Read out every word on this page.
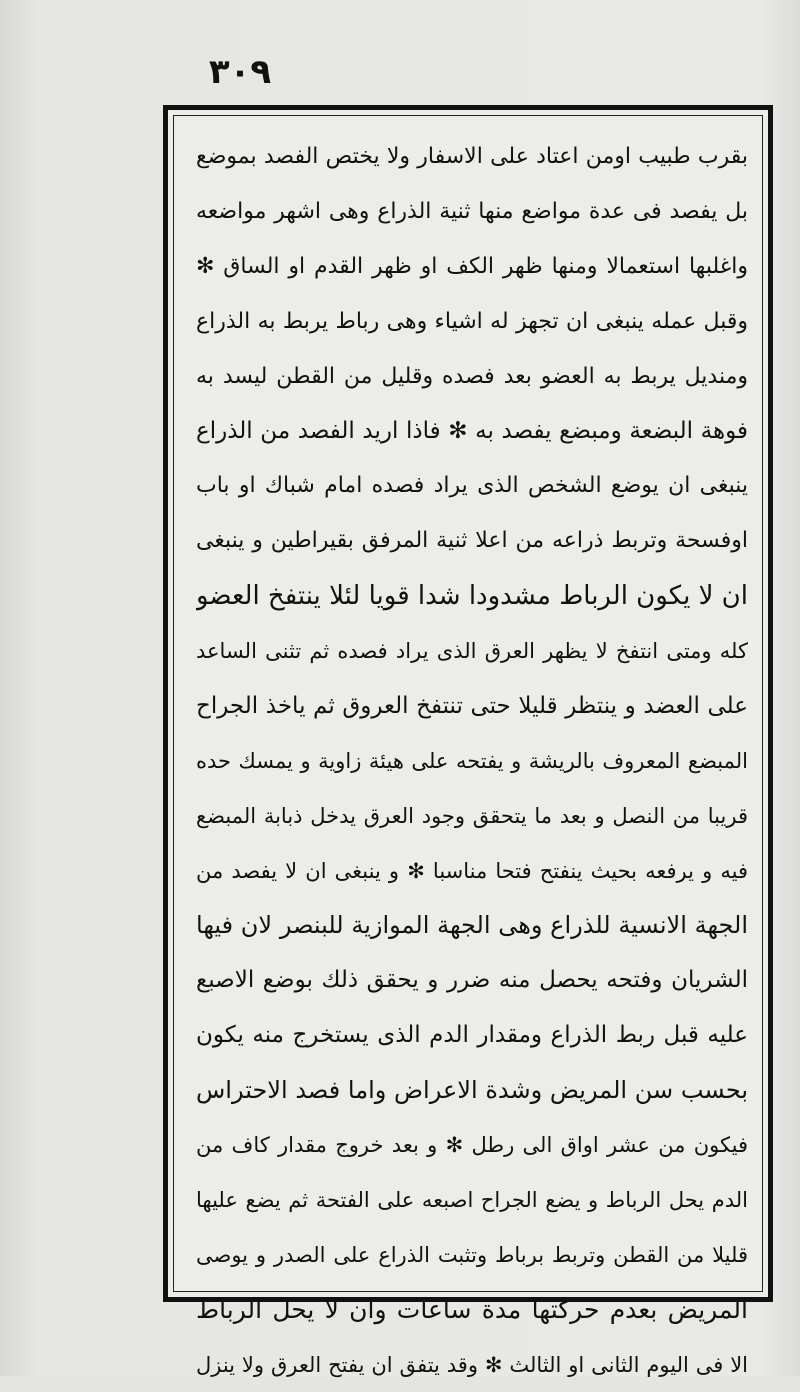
٣٠٩
بقرب طبيب اومن اعتاد على الاسفار ولا يختص الفصد بموضع
بل يفصد فى عدة مواضع منها ثنية الذراع وهى اشهر مواضعه
واغلبها استعمالا ومنها ظهر الكف او ظهر القدم او الساق ✻
وقبل عمله ينبغى ان تجهز له اشياء وهى رباط يربط به الذراع
ومنديل يربط به العضو بعد فصده وقليل من القطن ليسد به
فوهة البضعة ومبضع يفصد به ✻ فاذا اريد الفصد من الذراع
ينبغى ان يوضع الشخص الذى يراد فصده امام شباك او باب
اوفسحة وتربط ذراعه من اعلا ثنية المرفق بقيراطين و ينبغى
ان لا يكون الرباط مشدودا شدا قويا لئلا ينتفخ العضو
كله ومتى انتفخ لا يظهر العرق الذى يراد فصده ثم تثنى الساعد
على العضد و ينتظر قليلا حتى تنتفخ العروق ثم ياخذ الجراح
المبضع المعروف بالريشة و يفتحه على هيئة زاوية و يمسك حده
قريبا من النصل و بعد ما يتحقق وجود العرق يدخل ذبابة المبضع
فيه و يرفعه بحيث ينفتح فتحا مناسبا ✻ و ينبغى ان لا يفصد من
الجهة الانسية للذراع وهى الجهة الموازية للبنصر لان فيها
الشريان وفتحه يحصل منه ضرر و يحقق ذلك بوضع الاصبع
عليه قبل ربط الذراع ومقدار الدم الذى يستخرج منه يكون
بحسب سن المريض وشدة الاعراض واما فصد الاحتراس
فيكون من عشر اواق الى رطل ✻ و بعد خروج مقدار كاف من
الدم يحل الرباط و يضع الجراح اصبعه على الفتحة ثم يضع عليها
قليلا من القطن وتربط برباط وتثبت الذراع على الصدر و يوصى
المريض بعدم حركتها مدة ساعات وان لا يحل الرباط
الا فى اليوم الثانى او الثالث ✻ وقد يتفق ان يفتح العرق ولا ينزل
